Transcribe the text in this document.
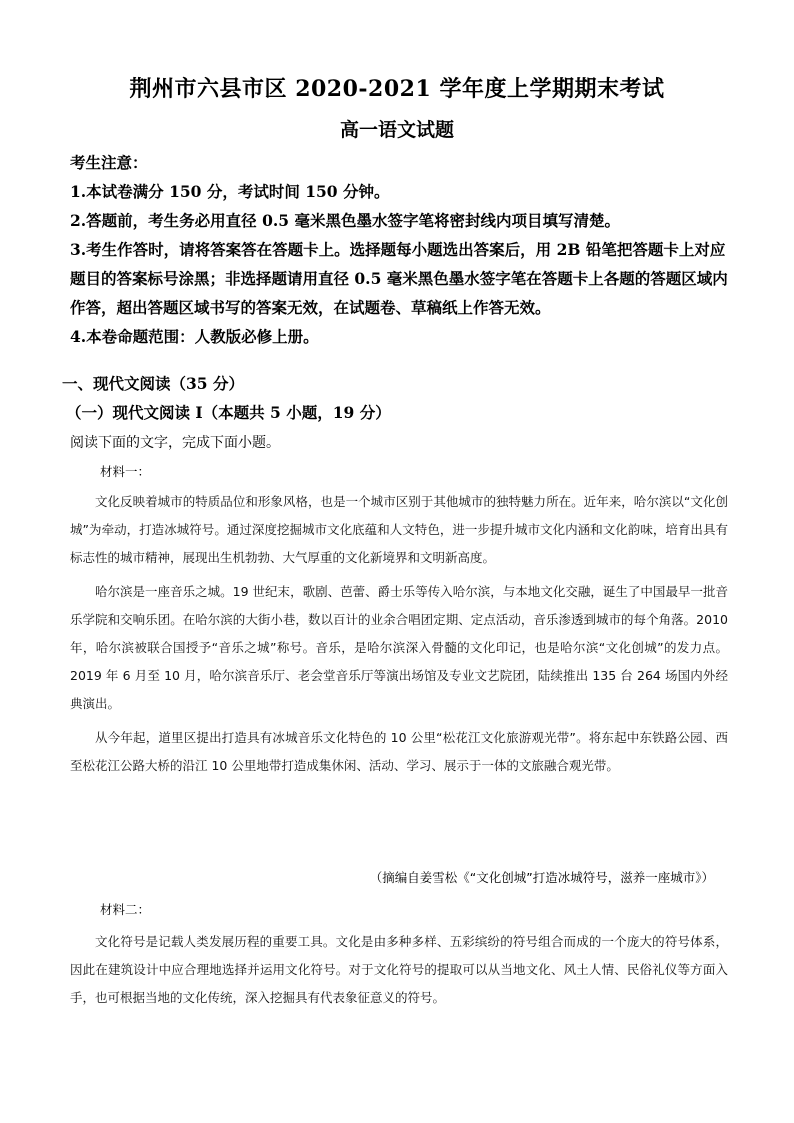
荆州市六县市区 2020-2021 学年度上学期期末考试
高一语文试题
考生注意：
1.本试卷满分 150 分，考试时间 150 分钟。
2.答题前，考生务必用直径 0.5 毫米黑色墨水签字笔将密封线内项目填写清楚。
3.考生作答时，请将答案答在答题卡上。选择题每小题选出答案后，用 2B 铅笔把答题卡上对应题目的答案标号涂黑；非选择题请用直径 0.5 毫米黑色墨水签字笔在答题卡上各题的答题区域内作答，超出答题区域书写的答案无效，在试题卷、草稿纸上作答无效。
4.本卷命题范围：人教版必修上册。
一、现代文阅读（35 分）
（一）现代文阅读 I（本题共 5 小题，19 分）
阅读下面的文字，完成下面小题。
材料一：

文化反映着城市的特质品位和形象风格，也是一个城市区别于其他城市的独特魅力所在。近年来，哈尔滨以“文化创城”为牵动，打造冰城符号。通过深度挖掘城市文化底蕴和人文特色，进一步提升城市文化内涵和文化韵味，培育出具有标志性的城市精神，展现出生机勃勃、大气厚重的文化新境界和文明新高度。

哈尔滨是一座音乐之城。19 世纪末，歌剧、芭蕾、爵士乐等传入哈尔滨，与本地文化交融，诞生了中国最早一批音乐学院和交响乐团。在哈尔滨的大街小巷，数以百计的业余合唱团定期、定点活动，音乐渗透到城市的每个角落。2010 年，哈尔滨被联合国授予“音乐之城”称号。音乐，是哈尔滨深入骨髓的文化印记，也是哈尔滨“文化创城”的发力点。2019 年 6 月至 10 月，哈尔滨音乐厅、老会堂音乐厅等演出场馆及专业文艺院团，陆续推出 135 台 264 场国内外经典演出。

从今年起，道里区提出打造具有冰城音乐文化特色的 10 公里“松花江文化旅游观光带”。将东起中东铁路公园、西至松花江公路大桥的沿江 10 公里地带打造成集休闲、活动、学习、展示于一体的文旅融合观光带。

（摘编自姜雪松《“文化创城”打造冰城符号，滋养一座城市》）
材料二：

文化符号是记载人类发展历程的重要工具。文化是由多种多样、五彩缤纷的符号组合而成的一个庞大的符号体系，因此在建筑设计中应合理地选择并运用文化符号。对于文化符号的提取可以从当地文化、风土人情、民俗礼仪等方面入手，也可根据当地的文化传统，深入挖掘具有代表象征意义的符号。
